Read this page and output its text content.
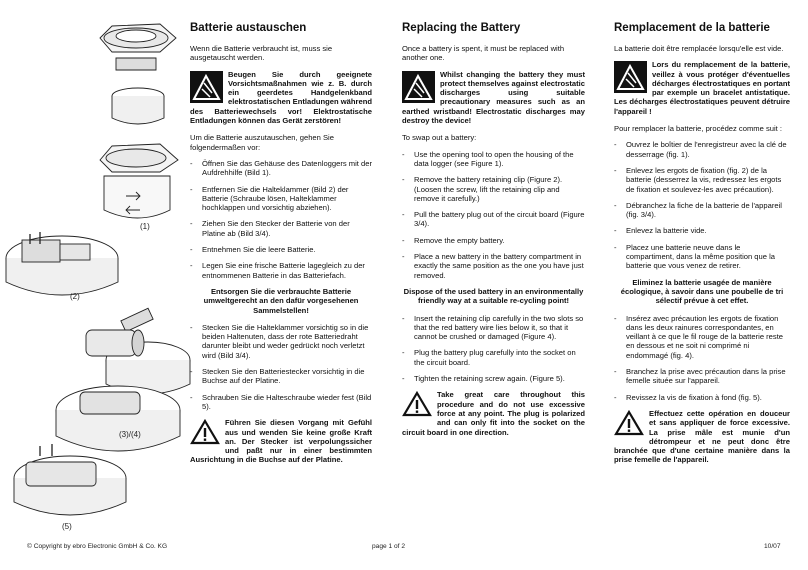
(1)
(2)
(3)/(4)
(5)
Batterie austauschen

Wenn die Batterie verbraucht ist, muss sie ausgetauscht werden.

Beugen Sie durch geeignete Vorsichtsmaßnahmen wie z. B. durch ein geerdetes Handgelenkband elektrostatischen Entladungen während des Batteriewechsels vor! Elektrostatische Entladungen können das Gerät zerstören!

Um die Batterie auszutauschen, gehen Sie folgendermaßen vor:

- Öffnen Sie das Gehäuse des Datenloggers mit der Aufdrehhilfe (Bild 1).
- Entfernen Sie die Halteklammer (Bild 2) der Batterie (Schraube lösen, Halteklammer hochklappen und vorsichtig abziehen).
- Ziehen Sie den Stecker der Batterie von der Platine ab (Bild 3/4).
- Entnehmen Sie die leere Batterie.
- Legen Sie eine frische Batterie lagegleich zu der entnommenen Batterie in das Batteriefach.

Entsorgen Sie die verbrauchte Batterie umweltgerecht an den dafür vorgesehenen Sammelstellen!

- Stecken Sie die Halteklammer vorsichtig so in die beiden Haltenuten, dass der rote Batteriedraht darunter bleibt und weder gedrückt noch verletzt wird (Bild 3/4).
- Stecken Sie den Batteriestecker vorsichtig in die Buchse auf der Platine.
- Schrauben Sie die Halteschraube wieder fest (Bild 5).
Führen Sie diesen Vorgang mit Gefühl aus und wenden Sie keine große Kraft an. Der Stecker ist verpolungssicher und paßt nur in einer bestimmten Ausrichtung in die Buchse auf der Platine.
Replacing the Battery

Once a battery is spent, it must be replaced with another one.

Whilst changing the battery they must protect themselves against electrostatic discharges using suitable precautionary measures such as an earthed wristband! Electrostatic discharges may destroy the device!

To swap out a battery:

- Use the opening tool to open the housing of the data logger (see Figure 1).
- Remove the battery retaining clip (Figure 2). (Loosen the screw, lift the retaining clip and remove it carefully.)
- Pull the battery plug out of the circuit board (Figure 3/4).
- Remove the empty battery.
- Place a new battery in the battery compartment in exactly the same position as the one you have just removed.

Dispose of the used battery in an environmentally friendly way at a suitable re-cycling point!

- Insert the retaining clip carefully in the two slots so that the red battery wire lies below it, so that it cannot be crushed or damaged (Figure 4).
- Plug the battery plug carefully into the socket on the circuit board.
- Tighten the retaining screw again. (Figure 5).
Take great care throughout this procedure and do not use excessive force at any point. The plug is polarized and can only fit into the socket on the circuit board in one direction.
Remplacement de la batterie

La batterie doit être remplacée lorsqu'elle est vide.

Lors du remplacement de la batterie, veillez à vous protéger d'éventuelles décharges électrostatiques en portant par exemple un bracelet antistatique. Les décharges électrostatiques peuvent détruire l'appareil !

Pour remplacer la batterie, procédez comme suit :

- Ouvrez le boîtier de l'enregistreur avec la clé de desserrage (fig. 1).
- Enlevez les ergots de fixation (fig. 2) de la batterie (desserrez la vis, redressez les ergots de fixation et soulevez-les avec précaution).
- Débranchez la fiche de la batterie de l'appareil (fig. 3/4).
- Enlevez la batterie vide.
- Placez une batterie neuve dans le compartiment, dans la même position que la batterie que vous venez de retirer.

Eliminez la batterie usagée de manière écologique, à savoir dans une poubelle de tri sélectif prévue à cet effet.

- Insérez avec précaution les ergots de fixation dans les deux rainures correspondantes, en veillant à ce que le fil rouge de la batterie reste en dessous et ne soit ni comprimé ni endommagé (fig. 4).
- Branchez la prise avec précaution dans la prise femelle située sur l'appareil.
- Revissez la vis de fixation à fond (fig. 5).
Effectuez cette opération en douceur et sans appliquer de force excessive. La prise mâle est munie d'un détrompeur et ne peut donc être branchée que d'une certaine manière dans la prise femelle de l'appareil.
© Copyright by ebro Electronic GmbH & Co. KG	page 1 of 2	10/07
